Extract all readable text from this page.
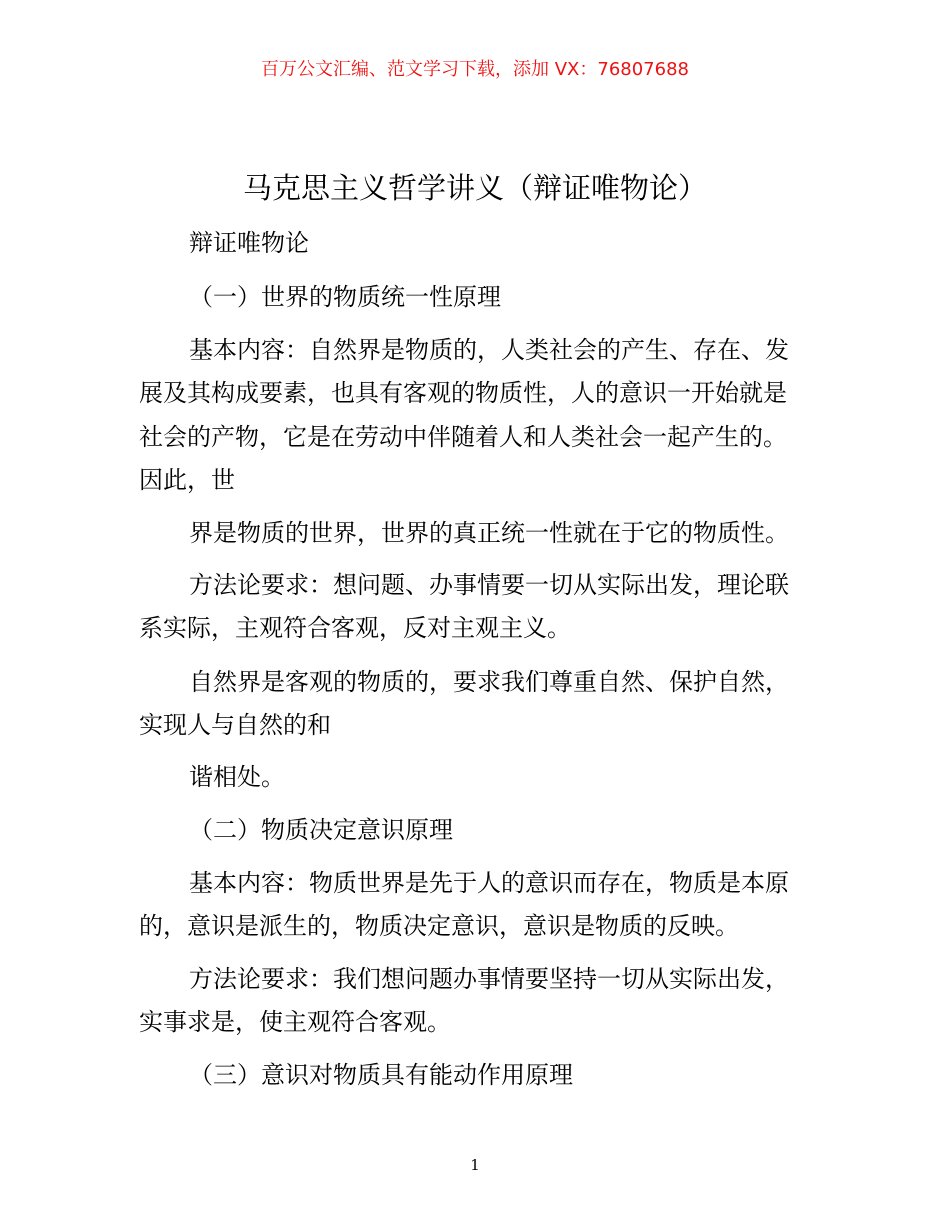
百万公文汇编、范文学习下载，添加 VX：76807688
马克思主义哲学讲义（辩证唯物论）
辩证唯物论
（一）世界的物质统一性原理
基本内容：自然界是物质的，人类社会的产生、存在、发
展及其构成要素，也具有客观的物质性，人的意识一开始就是
社会的产物，它是在劳动中伴随着人和人类社会一起产生的。
因此，世
界是物质的世界，世界的真正统一性就在于它的物质性。
方法论要求：想问题、办事情要一切从实际出发，理论联
系实际，主观符合客观，反对主观主义。
自然界是客观的物质的，要求我们尊重自然、保护自然，
实现人与自然的和
谐相处。
（二）物质决定意识原理
基本内容：物质世界是先于人的意识而存在，物质是本原
的，意识是派生的，物质决定意识，意识是物质的反映。
方法论要求：我们想问题办事情要坚持一切从实际出发，
实事求是，使主观符合客观。
（三）意识对物质具有能动作用原理
1
